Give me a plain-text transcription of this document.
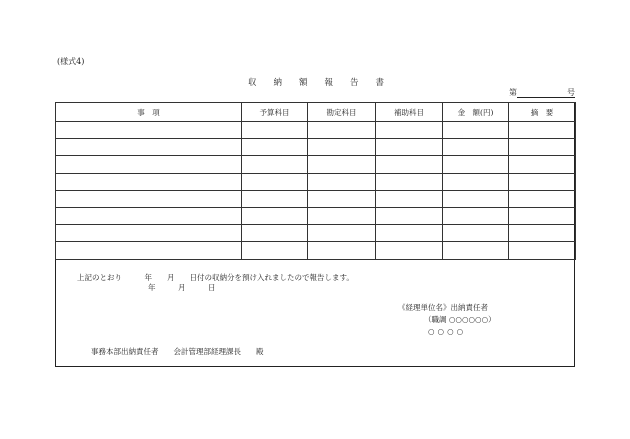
(様式4)
収納額報告書
第	号
事　項	予算科目	勘定科目	補助科目	金　額(円)	摘　要

上記のとおり　　　年　　月　　日付の収納分を預け入れましたので報告します。
年　　　月　　　日
《経理単位名》出納責任者
（職調 ○○○○○○）
○○○○
事務本部出納責任者　　会計管理部経理課長　　殿
